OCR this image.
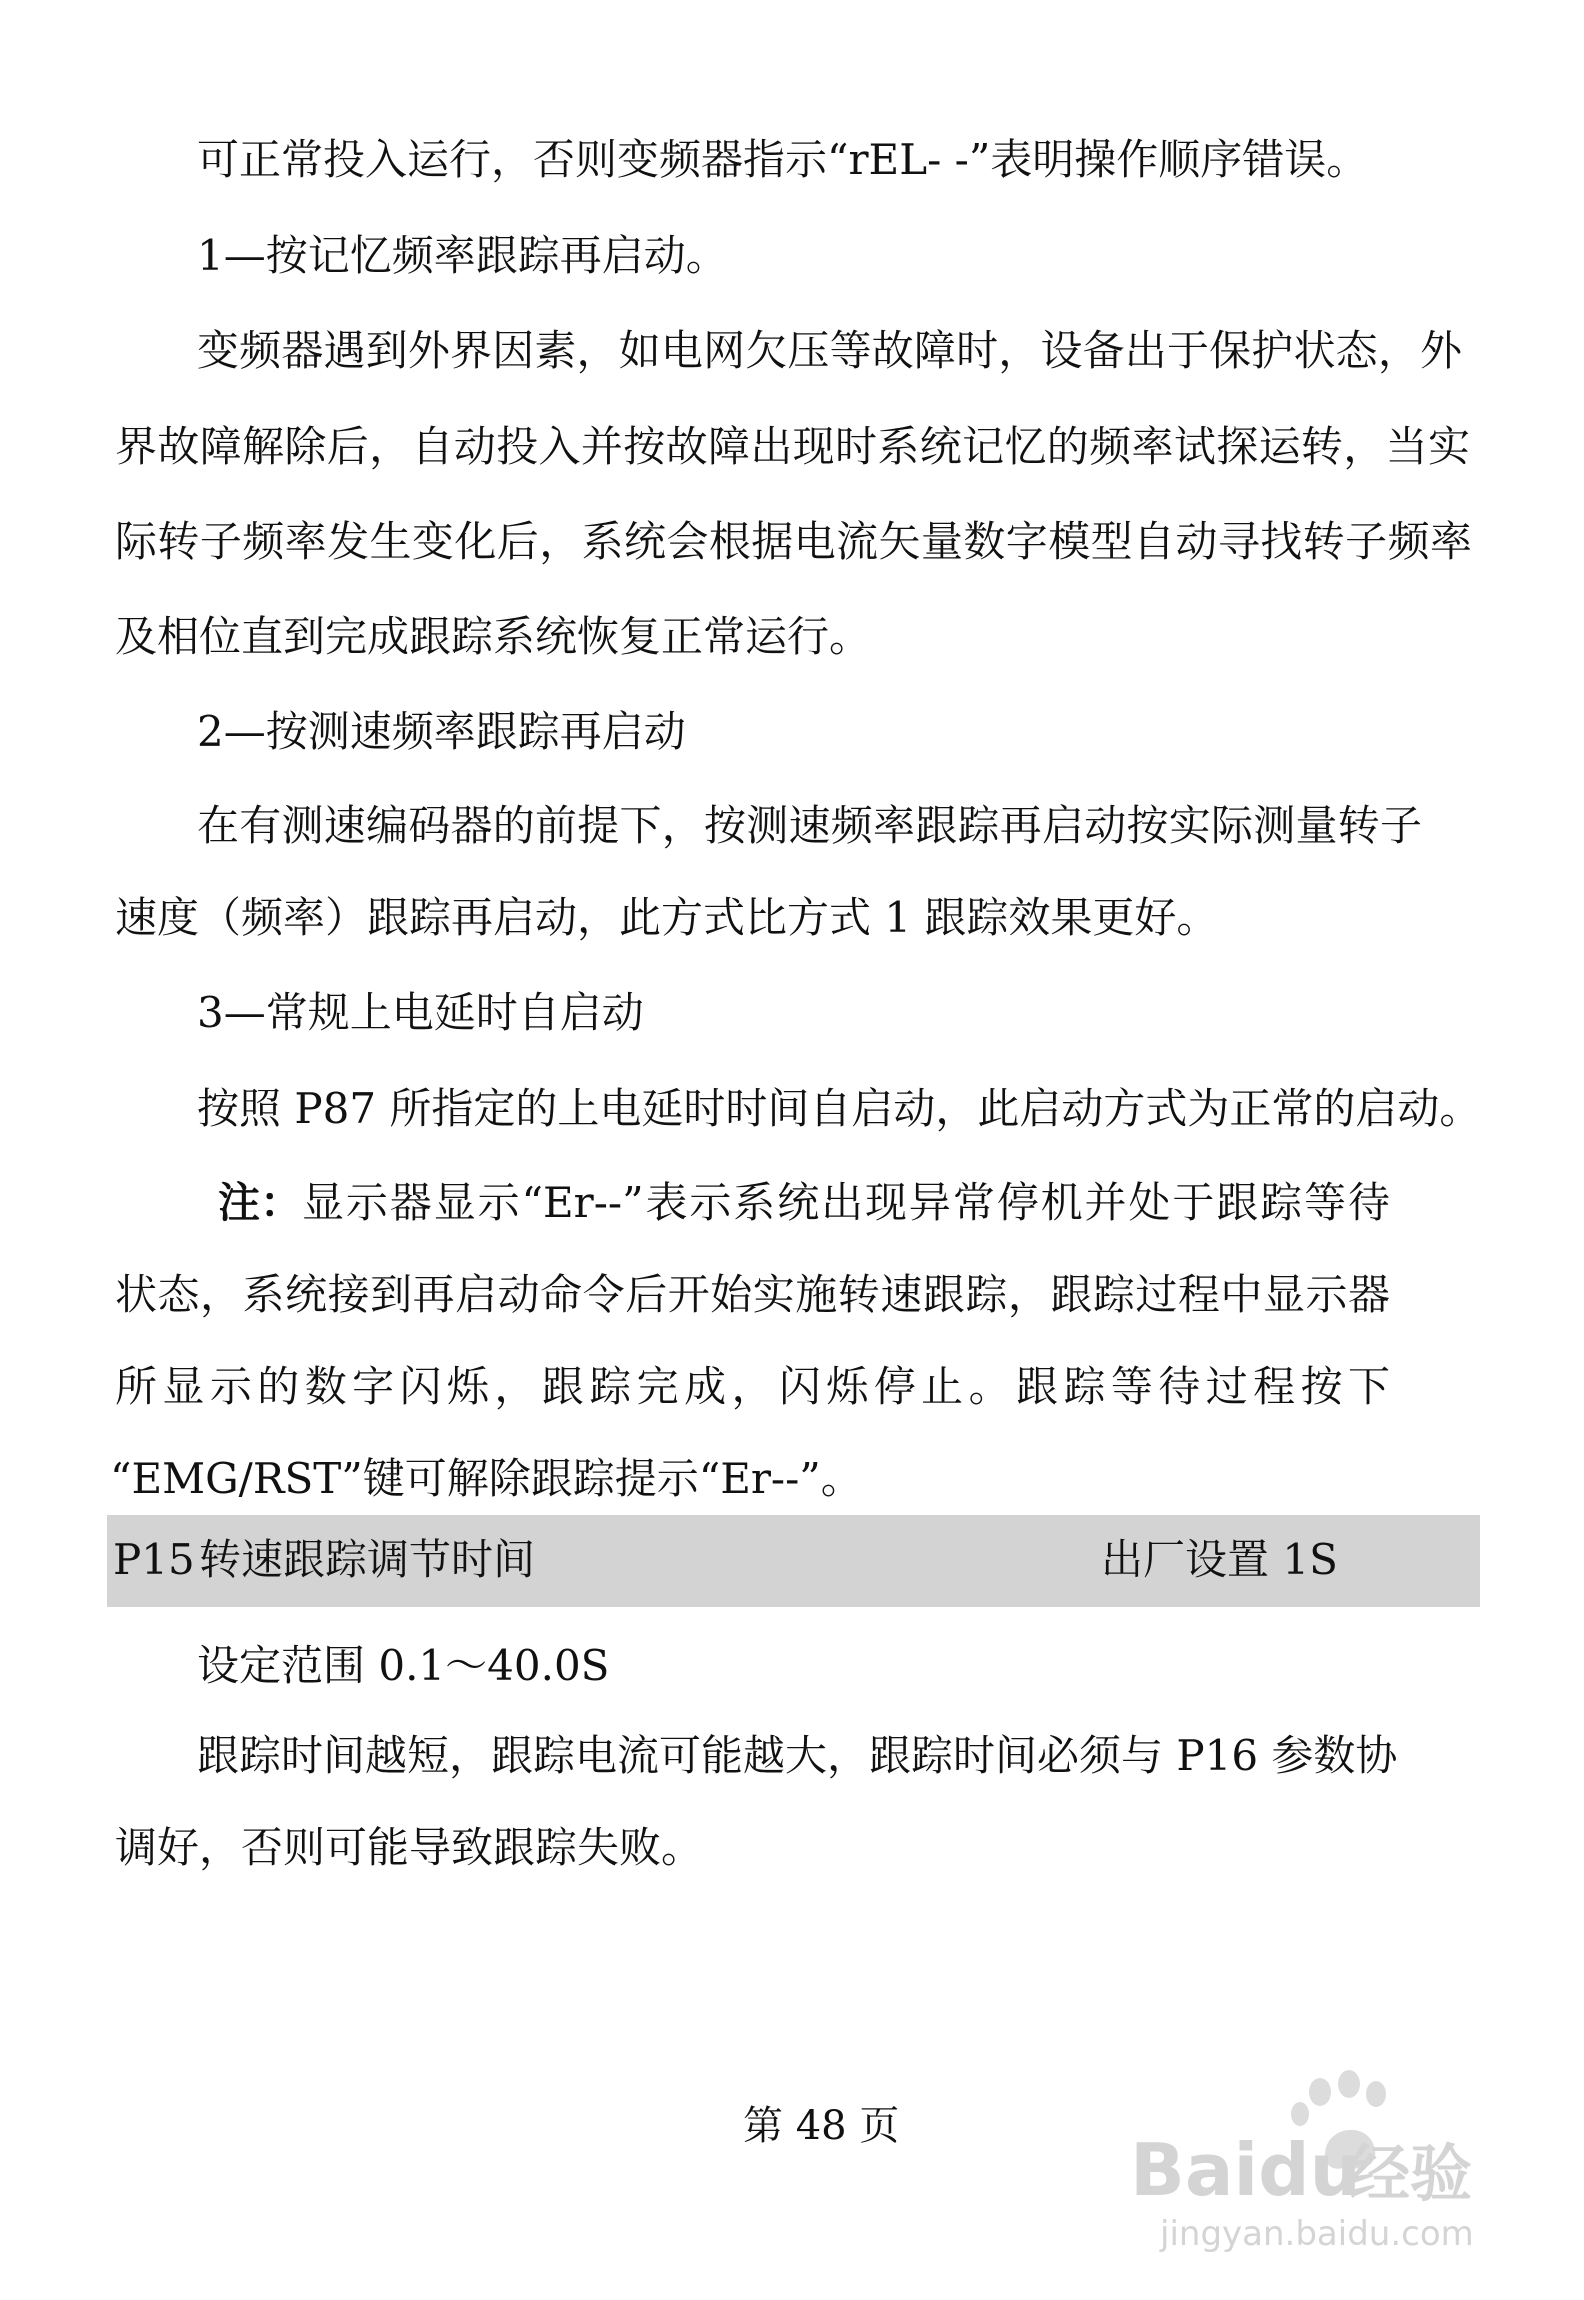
可正常投入运行，否则变频器指示“rEL- -”表明操作顺序错误。
1—按记忆频率跟踪再启动。
变频器遇到外界因素，如电网欠压等故障时，设备出于保护状态，外
界故障解除后，自动投入并按故障出现时系统记忆的频率试探运转，当实
际转子频率发生变化后，系统会根据电流矢量数字模型自动寻找转子频率
及相位直到完成跟踪系统恢复正常运行。
2—按测速频率跟踪再启动
在有测速编码器的前提下，按测速频率跟踪再启动按实际测量转子
速度（频率）跟踪再启动，此方式比方式 1 跟踪效果更好。
3—常规上电延时自启动
按照 P87 所指定的上电延时时间自启动，此启动方式为正常的启动。
注： 显示器显示“Er--”表示系统出现异常停机并处于跟踪等待
状态，系统接到再启动命令后开始实施转速跟踪，跟踪过程中显示器
所显示的数字闪烁，跟踪完成，闪烁停止。跟踪等待过程按下
“EMG/RST”键可解除跟踪提示“Er--”。
P15 转速跟踪调节时间	出厂设置 1S
设定范围 0.1～40.0S
跟踪时间越短，跟踪电流可能越大，跟踪时间必须与 P16 参数协
调好，否则可能导致跟踪失败。
第 48 页
Baidu
经验
jingyan.baidu.com
